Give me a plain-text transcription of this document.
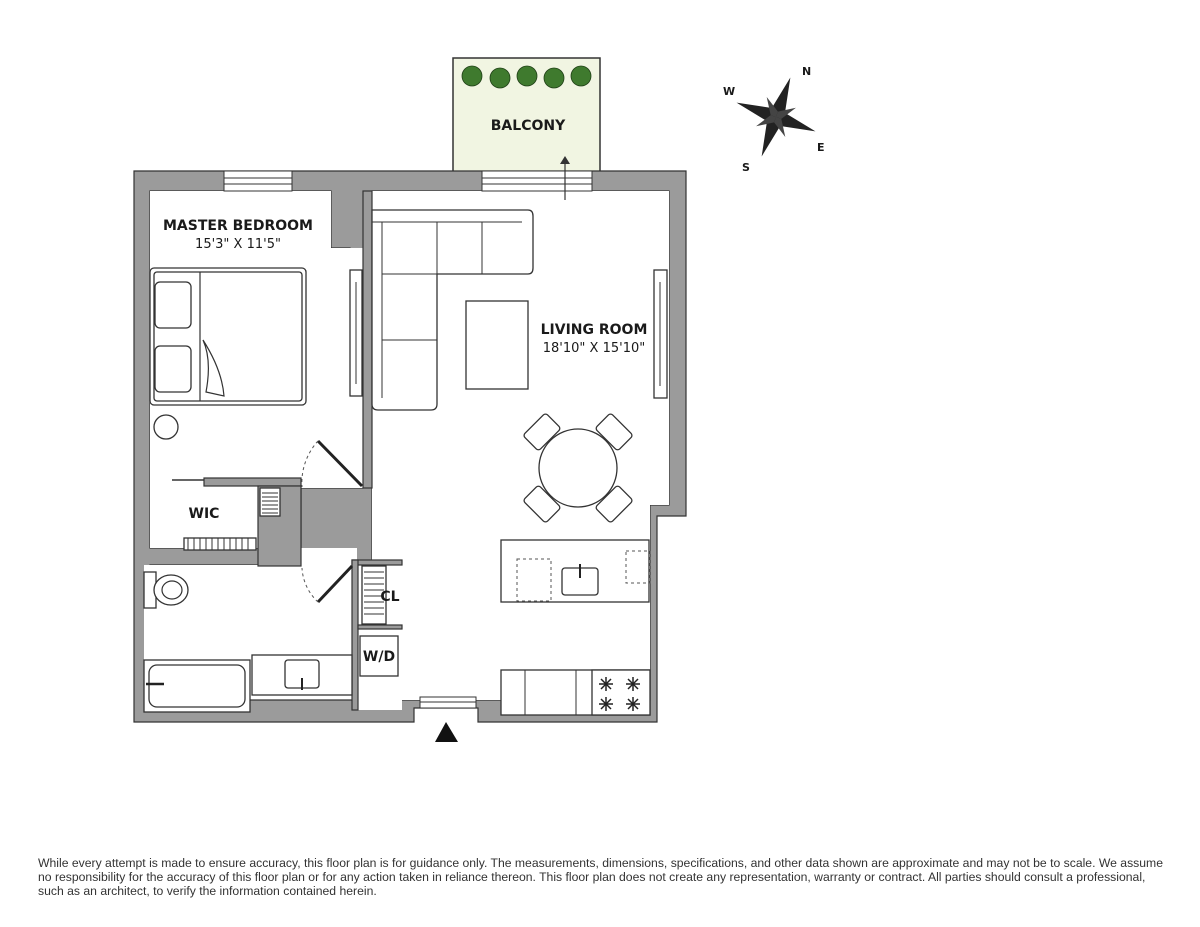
N
E
S
W
BALCONY
MASTER BEDROOM
15'3" X 11'5"
LIVING ROOM
18'10" X 15'10"
WIC
CL
W/D

While every attempt is made to ensure accuracy, this floor plan is for guidance only. The measurements, dimensions, specifications, and other data shown are approximate and may not be to scale. We assume no responsibility for the accuracy of this floor plan or for any action taken in reliance thereon. This floor plan does not create any representation, warranty or contract. All parties should consult a professional, such as an architect, to verify the information contained herein.
